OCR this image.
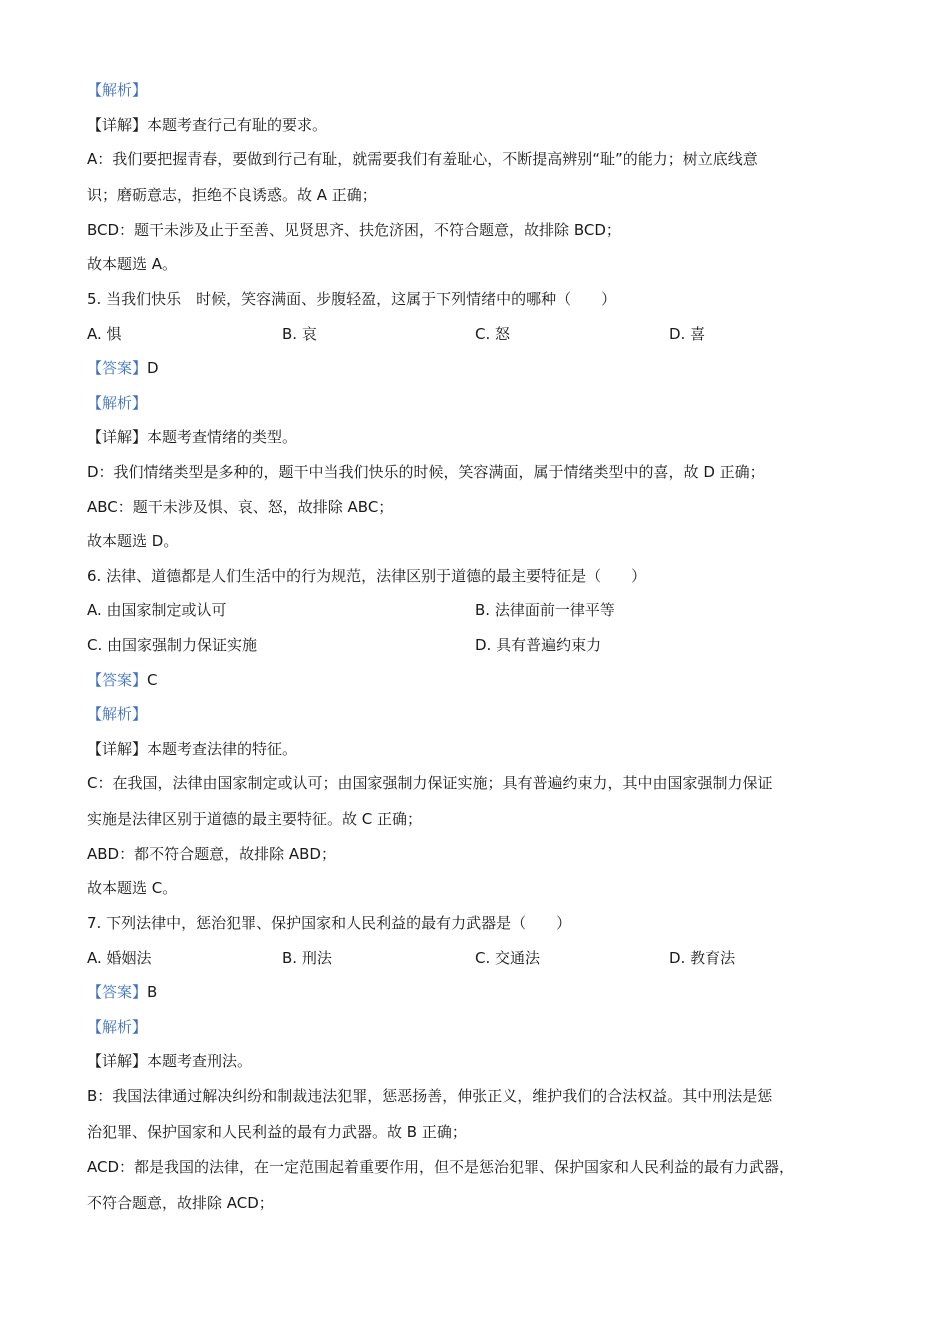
【解析】
【详解】本题考查行己有耻的要求。
A：我们要把握青春，要做到行己有耻，就需要我们有羞耻心，不断提高辨别“耻”的能力；树立底线意
识；磨砺意志，拒绝不良诱惑。故 A 正确；
BCD：题干未涉及止于至善、见贤思齐、扶危济困，不符合题意，故排除 BCD；
故本题选 A。
5. 当我们快乐　时候，笑容满面、步腹轻盈，这属于下列情绪中的哪种（　　）
A. 惧	B. 哀	C. 怒	D. 喜
【答案】D
【解析】
【详解】本题考查情绪的类型。
D：我们情绪类型是多种的，题干中当我们快乐的时候，笑容满面，属于情绪类型中的喜，故 D 正确；
ABC：题干未涉及惧、哀、怒，故排除 ABC；
故本题选 D。
6. 法律、道德都是人们生活中的行为规范，法律区别于道德的最主要特征是（　　）
A. 由国家制定或认可	B. 法律面前一律平等
C. 由国家强制力保证实施	D. 具有普遍约束力
【答案】C
【解析】
【详解】本题考查法律的特征。
C：在我国，法律由国家制定或认可；由国家强制力保证实施；具有普遍约束力，其中由国家强制力保证
实施是法律区别于道德的最主要特征。故 C 正确；
ABD：都不符合题意，故排除 ABD；
故本题选 C。
7. 下列法律中，惩治犯罪、保护国家和人民利益的最有力武器是（　　）
A. 婚姻法	B. 刑法	C. 交通法	D. 教育法
【答案】B
【解析】
【详解】本题考查刑法。
B：我国法律通过解决纠纷和制裁违法犯罪，惩恶扬善，伸张正义，维护我们的合法权益。其中刑法是惩
治犯罪、保护国家和人民利益的最有力武器。故 B 正确；
ACD：都是我国的法律，在一定范围起着重要作用，但不是惩治犯罪、保护国家和人民利益的最有力武器，
不符合题意，故排除 ACD；
